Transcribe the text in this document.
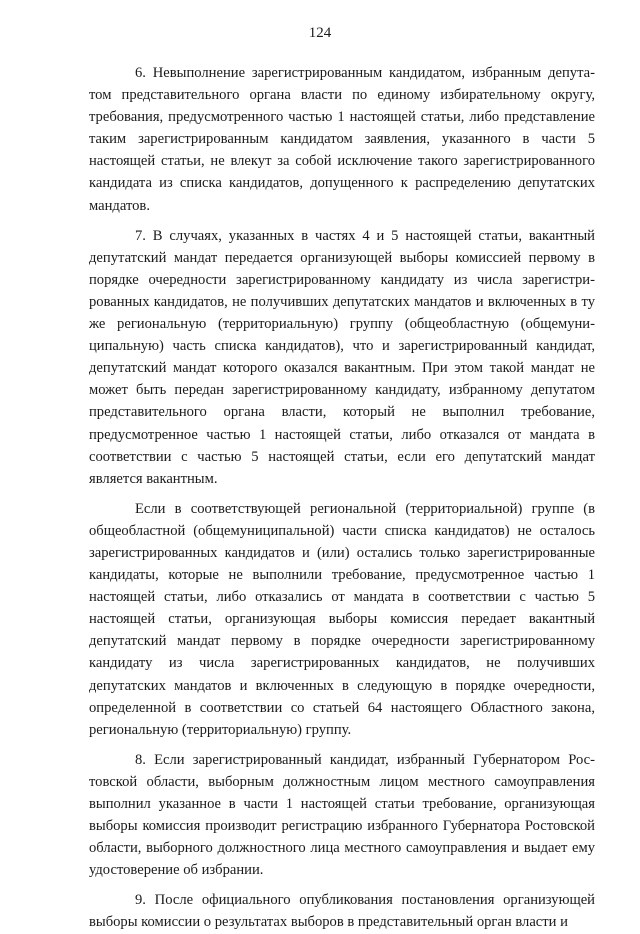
124

6. Невыполнение зарегистрированным кандидатом, избранным депутатом представительного органа власти по единому избирательному округу, требования, предусмотренного частью 1 настоящей статьи, либо представление таким зарегистрированным кандидатом заявления, указанного в части 5 настоящей статьи, не влекут за собой исключение такого зарегистрированного кандидата из списка кандидатов, допущенного к распределению депутатских мандатов.

7. В случаях, указанных в частях 4 и 5 настоящей статьи, вакантный депутатский мандат передается организующей выборы комиссией первому в порядке очередности зарегистрированному кандидату из числа зарегистрированных кандидатов, не получивших депутатских мандатов и включенных в ту же региональную (территориальную) группу (общеобластную (общемуниципальную) часть списка кандидатов), что и зарегистрированный кандидат, депутатский мандат которого оказался вакантным. При этом такой мандат не может быть передан зарегистрированному кандидату, избранному депутатом представительного органа власти, который не выполнил требование, предусмотренное частью 1 настоящей статьи, либо отказался от мандата в соответствии с частью 5 настоящей статьи, если его депутатский мандат является вакантным.

Если в соответствующей региональной (территориальной) группе (в общеобластной (общемуниципальной) части списка кандидатов) не осталось зарегистрированных кандидатов и (или) остались только зарегистрированные кандидаты, которые не выполнили требование, предусмотренное частью 1 настоящей статьи, либо отказались от мандата в соответствии с частью 5 настоящей статьи, организующая выборы комиссия передает вакантный депутатский мандат первому в порядке очередности зарегистрированному кандидату из числа зарегистрированных кандидатов, не получивших депутатских мандатов и включенных в следующую в порядке очередности, определенной в соответствии со статьей 64 настоящего Областного закона, региональную (территориальную) группу.

8. Если зарегистрированный кандидат, избранный Губернатором Ростовской области, выборным должностным лицом местного самоуправления выполнил указанное в части 1 настоящей статьи требование, организующая выборы комиссия производит регистрацию избранного Губернатора Ростовской области, выборного должностного лица местного самоуправления и выдает ему удостоверение об избрании.

9. После официального опубликования постановления организующей выборы комиссии о результатах выборов в представительный орган власти и
